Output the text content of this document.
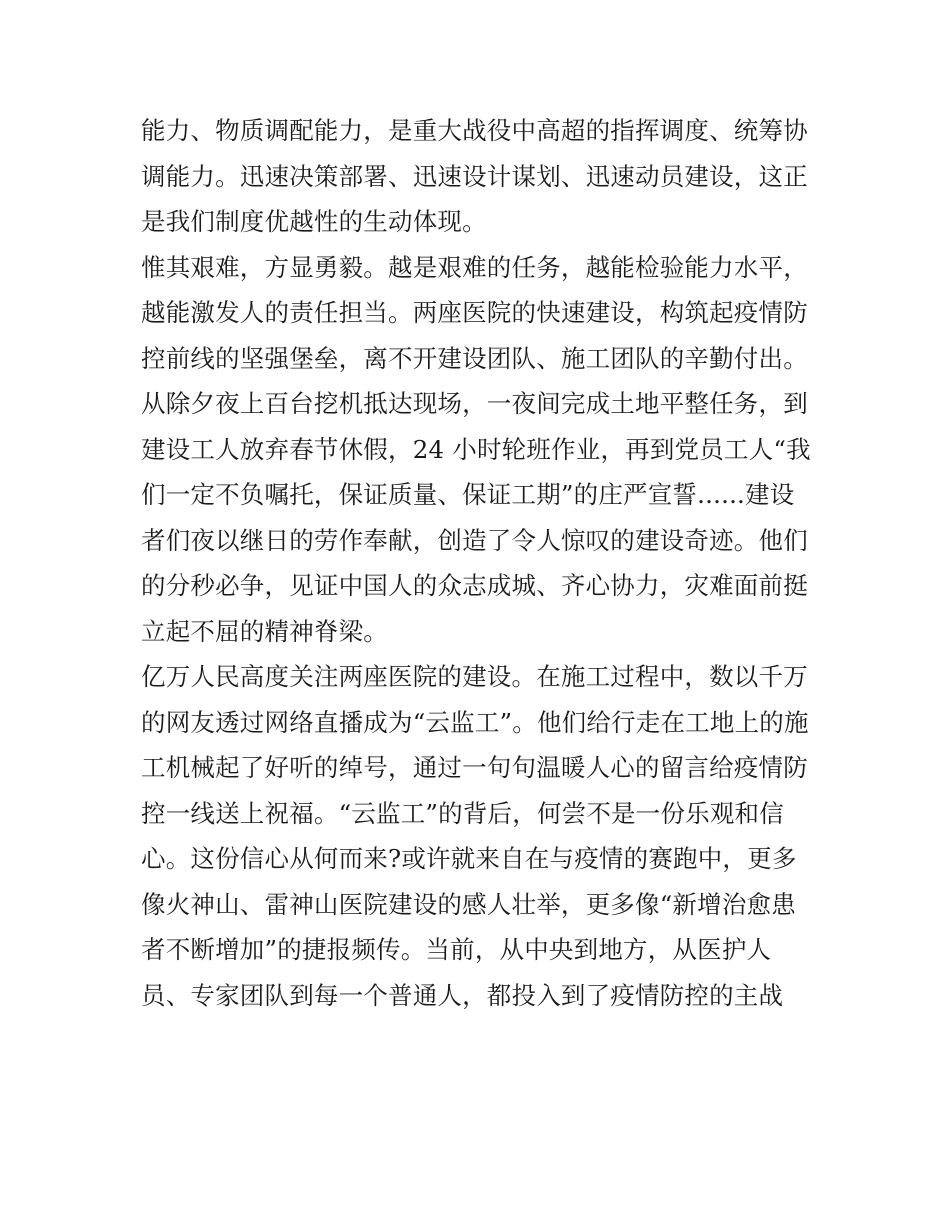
能力、物质调配能力，是重大战役中高超的指挥调度、统筹协
调能力。迅速决策部署、迅速设计谋划、迅速动员建设，这正
是我们制度优越性的生动体现。
惟其艰难，方显勇毅。越是艰难的任务，越能检验能力水平，
越能激发人的责任担当。两座医院的快速建设，构筑起疫情防
控前线的坚强堡垒，离不开建设团队、施工团队的辛勤付出。
从除夕夜上百台挖机抵达现场，一夜间完成土地平整任务，到
建设工人放弃春节休假，24 小时轮班作业，再到党员工人“我
们一定不负嘱托，保证质量、保证工期”的庄严宣誓......建设
者们夜以继日的劳作奉献，创造了令人惊叹的建设奇迹。他们
的分秒必争，见证中国人的众志成城、齐心协力，灾难面前挺
立起不屈的精神脊梁。
亿万人民高度关注两座医院的建设。在施工过程中，数以千万
的网友透过网络直播成为“云监工”。他们给行走在工地上的施
工机械起了好听的绰号，通过一句句温暖人心的留言给疫情防
控一线送上祝福。“云监工”的背后，何尝不是一份乐观和信
心。这份信心从何而来?或许就来自在与疫情的赛跑中，更多
像火神山、雷神山医院建设的感人壮举，更多像“新增治愈患
者不断增加”的捷报频传。当前，从中央到地方，从医护人
员、专家团队到每一个普通人，都投入到了疫情防控的主战
